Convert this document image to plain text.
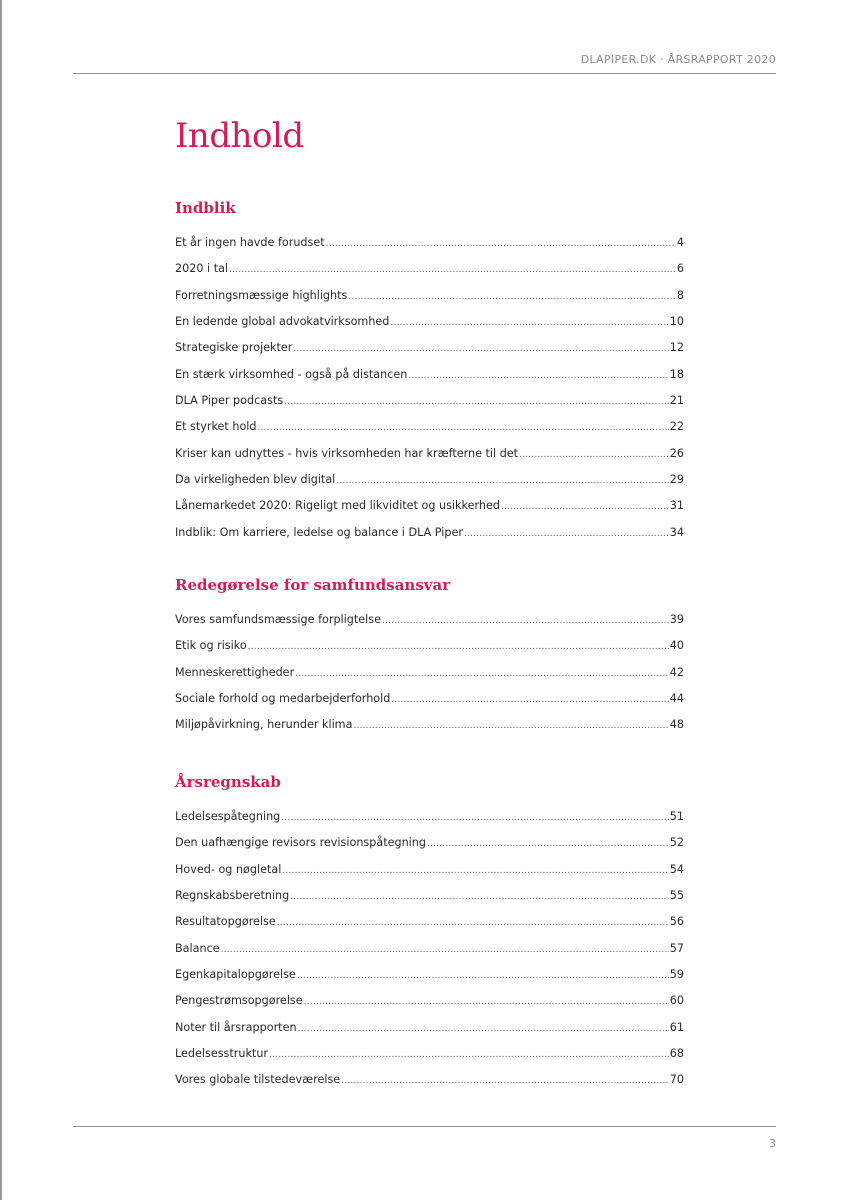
DLAPIPER.DK · ÅRSRAPPORT 2020
Indhold
Indblik
Et år ingen havde forudset .....	4
2020 i tal .....	6
Forretningsmæssige highlights .....	8
En ledende global advokatvirksomhed .....	10
Strategiske projekter .....	12
En stærk virksomhed - også på distancen .....	18
DLA Piper podcasts .....	21
Et styrket hold .....	22
Kriser kan udnyttes - hvis virksomheden har kræfterne til det .....	26
Da virkeligheden blev digital .....	29
Lånemarkedet 2020: Rigeligt med likviditet og usikkerhed .....	31
Indblik: Om karriere, ledelse og balance i DLA Piper .....	34
Redegørelse for samfundsansvar
Vores samfundsmæssige forpligtelse .....	39
Etik og risiko .....	40
Menneskerettigheder .....	42
Sociale forhold og medarbejderforhold .....	44
Miljøpåvirkning, herunder klima .....	48
Årsregnskab
Ledelsespåtegning .....	51
Den uafhængige revisors revisionspåtegning .....	52
Hoved- og nøgletal .....	54
Regnskabsberetning .....	55
Resultatopgørelse .....	56
Balance .....	57
Egenkapitalopgørelse .....	59
Pengestrømsopgørelse .....	60
Noter til årsrapporten .....	61
Ledelsesstruktur .....	68
Vores globale tilstedeværelse .....	70
3
